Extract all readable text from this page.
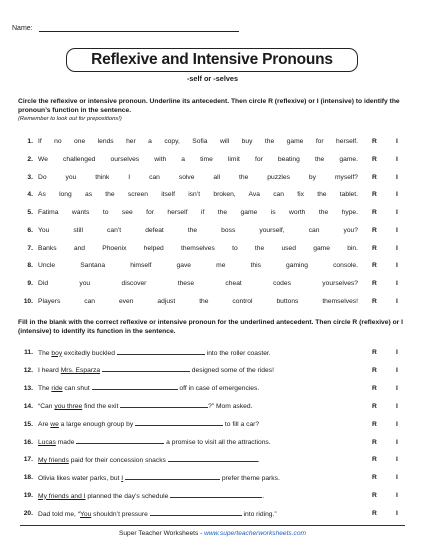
Name:
Reflexive and Intensive Pronouns
-self or -selves
Circle the reflexive or intensive pronoun. Underline its antecedent. Then circle R (reflexive) or I (intensive) to identify the pronoun’s function in the sentence.
(Remember to look out for prepositions!)
1. If no one lends her a copy, Sofia will buy the game for herself. R	I
2. We challenged ourselves with a time limit for beating the game. R	I
3. Do you think I can solve all the puzzles by myself? R	I
4. As long as the screen itself isn’t broken, Ava can fix the tablet. R	I
5. Fatima wants to see for herself if the game is worth the hype. R	I
6. You still can’t defeat the boss yourself, can you? R	I
7. Banks and Phoenix helped themselves to the used game bin. R	I
8. Uncle Santana himself gave me this gaming console. R	I
9. Did you discover these cheat codes yourselves? R	I
10. Players can even adjust the control buttons themselves! R	I
Fill in the blank with the correct reflexive or intensive pronoun for the underlined antecedent. Then circle R (reflexive) or I (intensive) to identify its function in the sentence.
11. The boy excitedly buckled	into the roller coaster.	R	I
12. I heard Mrs. Esparza	designed some of the rides!	R	I
13. The ride can shut	off in case of emergencies.	R	I
14. “Can you three find the exit	?” Mom asked.	R	I
15. Are we a large enough group by	to fill a car?	R	I
16. Lucas made	a promise to visit all the attractions.	R	I
17. My friends paid for their concession snacks	.	R	I
18. Olivia likes water parks, but I	prefer theme parks.	R	I
19. My friends and I planned the day’s schedule	.	R	I
20. Dad told me, “You shouldn’t pressure	into riding.”	R	I
Super Teacher Worksheets - www.superteacherworksheets.com
